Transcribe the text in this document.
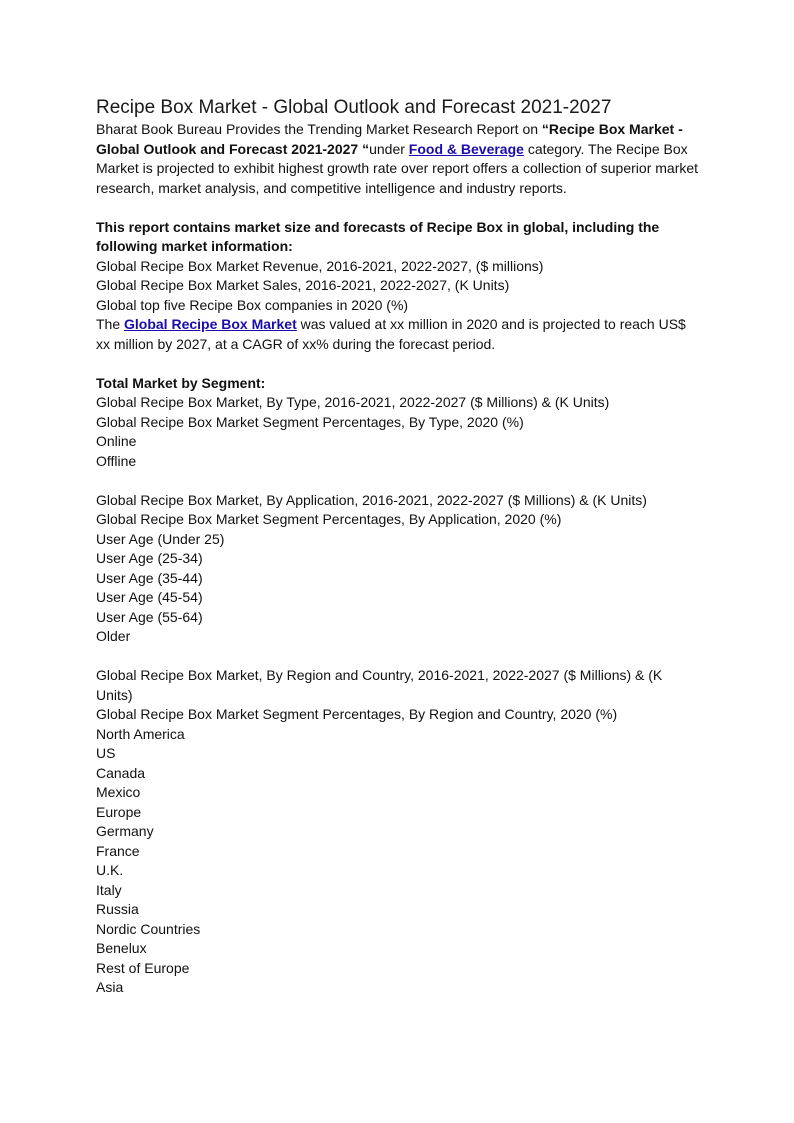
Recipe Box Market - Global Outlook and Forecast 2021-2027

Bharat Book Bureau Provides the Trending Market Research Report on “Recipe Box Market - Global Outlook and Forecast 2021-2027 “under Food & Beverage category. The Recipe Box Market is projected to exhibit highest growth rate over report offers a collection of superior market research, market analysis, and competitive intelligence and industry reports.

This report contains market size and forecasts of Recipe Box in global, including the following market information:

Global Recipe Box Market Revenue, 2016-2021, 2022-2027, ($ millions)
Global Recipe Box Market Sales, 2016-2021, 2022-2027, (K Units)
Global top five Recipe Box companies in 2020 (%)

The Global Recipe Box Market was valued at xx million in 2020 and is projected to reach US$ xx million by 2027, at a CAGR of xx% during the forecast period.

Total Market by Segment:

Global Recipe Box Market, By Type, 2016-2021, 2022-2027 ($ Millions) & (K Units)
Global Recipe Box Market Segment Percentages, By Type, 2020 (%)
Online
Offline
Global Recipe Box Market, By Application, 2016-2021, 2022-2027 ($ Millions) & (K Units)
Global Recipe Box Market Segment Percentages, By Application, 2020 (%)
User Age (Under 25)
User Age (25-34)
User Age (35-44)
User Age (45-54)
User Age (55-64)
Older
Global Recipe Box Market, By Region and Country, 2016-2021, 2022-2027 ($ Millions) & (K Units)
Global Recipe Box Market Segment Percentages, By Region and Country, 2020 (%)
North America
US
Canada
Mexico
Europe
Germany
France
U.K.
Italy
Russia
Nordic Countries
Benelux
Rest of Europe
Asia
